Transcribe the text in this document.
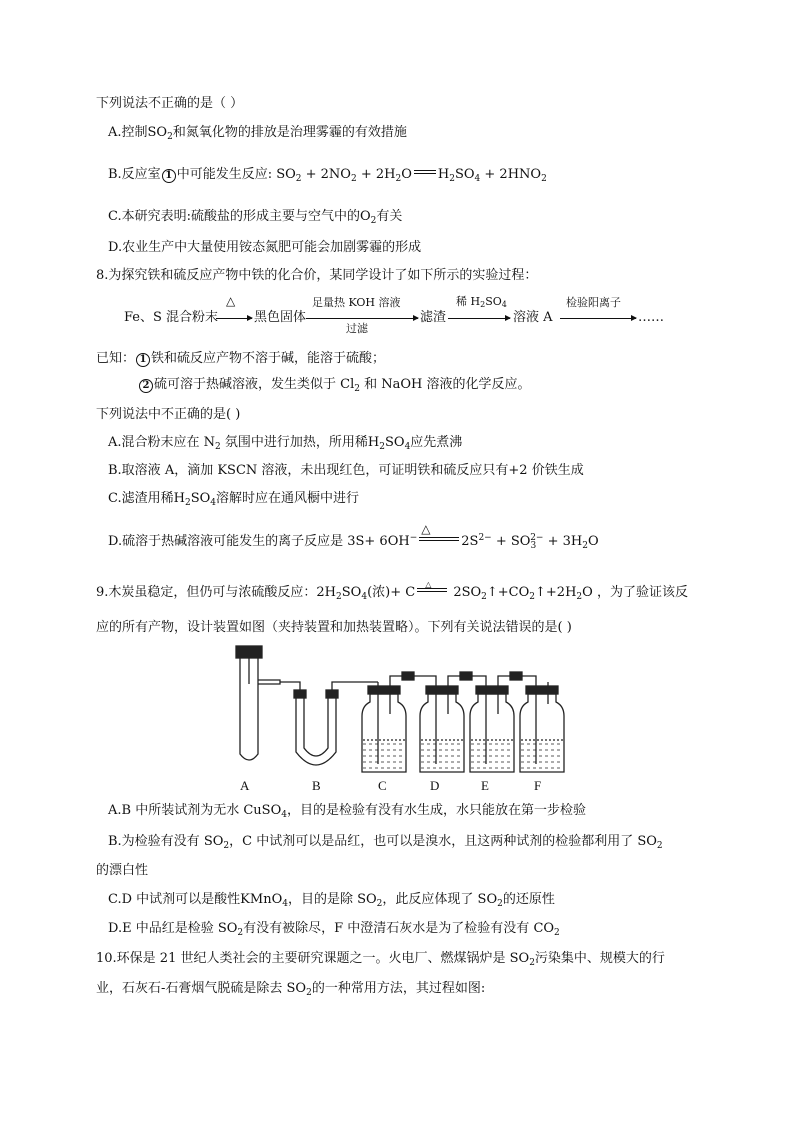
下列说法不正确的是（ ）
A.控制$SO_2$和氮氧化物的排放是治理雾霾的有效措施
B.反应室 1 中可能发生反应: $SO_2 + 2NO_2 + 2H_2O$ $H_2SO_4 + 2HNO_2$
C.本研究表明:硫酸盐的形成主要与空气中的$O_2$有关
D.农业生产中大量使用铵态氮肥可能会加剧雾霾的形成
8.为探究铁和硫反应产物中铁的化合价，某同学设计了如下所示的实验过程：
Fe、S 混合粉末
△
黑色固体
足量热 KOH 溶液
过滤
滤渣
稀 $H_2SO_4$
溶液 A
检验阳离子
……
已知： 1 铁和硫反应产物不溶于碱，能溶于硫酸；
2 硫可溶于热碱溶液，发生类似于 $Cl_2$ 和 NaOH 溶液的化学反应。
下列说法中不正确的是( )
A.混合粉末应在 $N_2$ 氛围中进行加热，所用稀$H_2SO_4$应先煮沸
B.取溶液 A，滴加 KSCN 溶液，未出现红色，可证明铁和硫反应只有+2 价铁生成
C.滤渣用稀$H_2SO_4$溶解时应在通风橱中进行
D.硫溶于热碱溶液可能发生的离子反应是 3S+ 6OH−
△
$2S^{2-} + SO_3^{2-} + 3H_2O$
9.木炭虽稳定，但仍可与浓硫酸反应：$2H_2SO_4$(浓)+ C
△
$2SO_2↑+CO_2↑+2H_2O$ ，为了验证该反
应的所有产物，设计装置如图（夹持装置和加热装置略）。下列有关说法错误的是( )
A	B	C	D	E	F
A.B 中所装试剂为无水 CuSO$_4$，目的是检验有没有水生成，水只能放在第一步检验
B.为检验有没有 $SO_2$，C 中试剂可以是品红，也可以是溴水，且这两种试剂的检验都利用了 $SO_2$
的漂白性
C.D 中试剂可以是酸性KMnO$_4$，目的是除 $SO_2$，此反应体现了 $SO_2$的还原性
D.E 中品红是检验 $SO_2$有没有被除尽，F 中澄清石灰水是为了检验有没有 $CO_2$
10.环保是 21 世纪人类社会的主要研究课题之一。火电厂、燃煤锅炉是 $SO_2$污染集中、规模大的行
业，石灰石-石膏烟气脱硫是除去 $SO_2$的一种常用方法，其过程如图:
